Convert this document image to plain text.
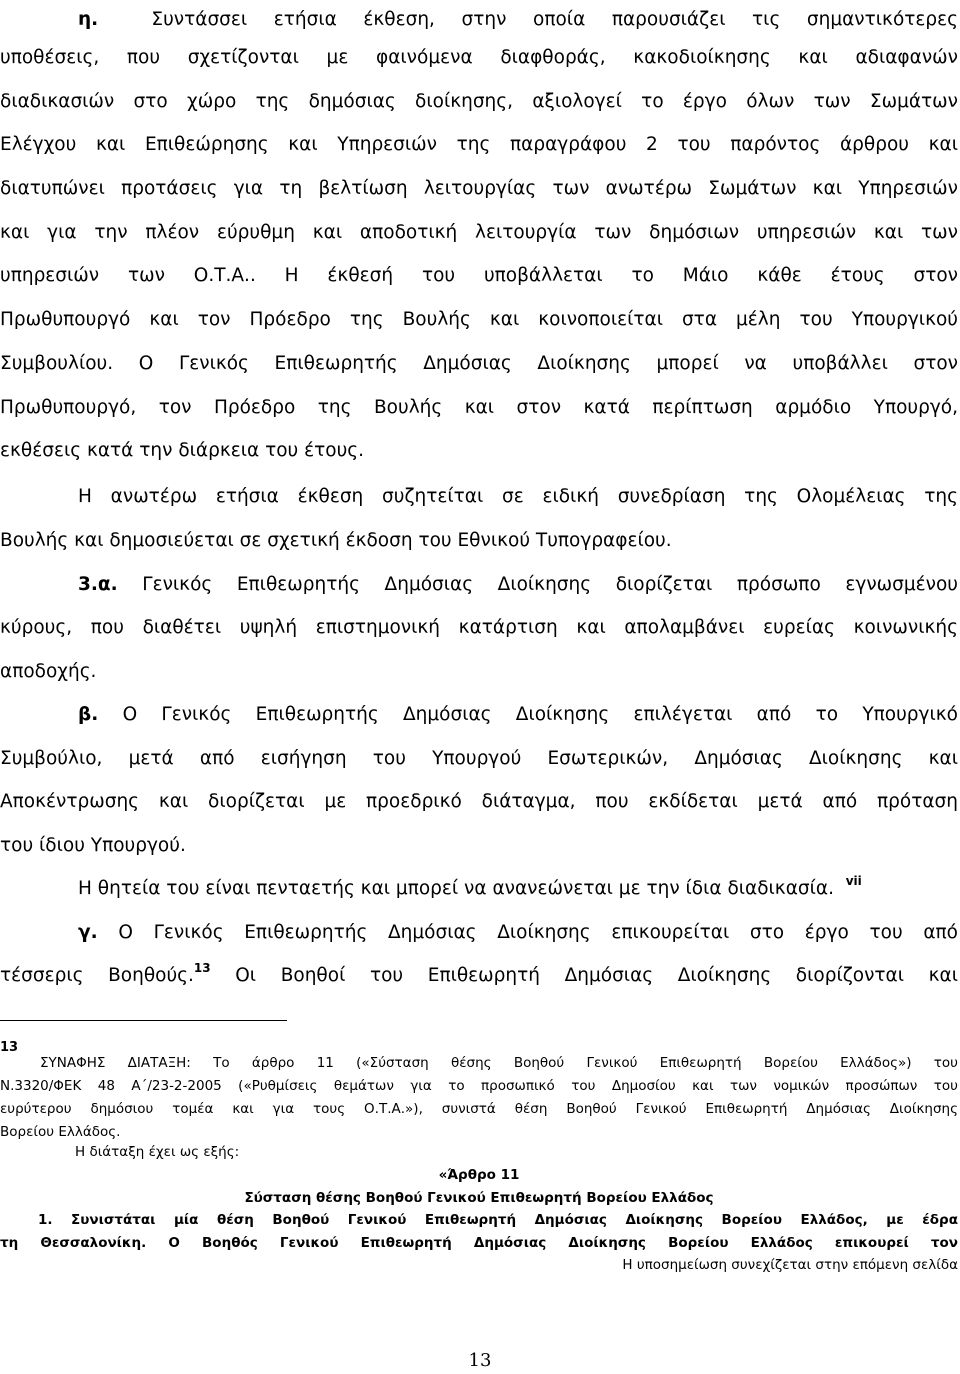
η.	Συντάσσει ετήσια έκθεση, στην οποία παρουσιάζει τις σημαντικότερες
υποθέσεις, που σχετίζονται με φαινόμενα διαφθοράς, κακοδιοίκησης και αδιαφανών
διαδικασιών στο χώρο της δημόσιας διοίκησης, αξιολογεί το έργο όλων των Σωμάτων
Ελέγχου και Επιθεώρησης και Υπηρεσιών της παραγράφου 2 του παρόντος άρθρου και
διατυπώνει προτάσεις για τη βελτίωση λειτουργίας των ανωτέρω Σωμάτων και Υπηρεσιών
και για την πλέον εύρυθμη και αποδοτική λειτουργία των δημόσιων υπηρεσιών και των
υπηρεσιών των Ο.Τ.Α.. Η έκθεσή του υποβάλλεται το Μάιο κάθε έτους στον
Πρωθυπουργό και τον Πρόεδρο της Βουλής και κοινοποιείται στα μέλη του Υπουργικού
Συμβουλίου. Ο Γενικός Επιθεωρητής Δημόσιας Διοίκησης μπορεί να υποβάλλει στον
Πρωθυπουργό, τον Πρόεδρο της Βουλής και στον κατά περίπτωση αρμόδιο Υπουργό,
εκθέσεις κατά την διάρκεια του έτους.
Η ανωτέρω ετήσια έκθεση συζητείται σε ειδική συνεδρίαση της Ολομέλειας της
Βουλής και δημοσιεύεται σε σχετική έκδοση του Εθνικού Τυπογραφείου.
3.α. Γενικός Επιθεωρητής Δημόσιας Διοίκησης διορίζεται πρόσωπο εγνωσμένου
κύρους, που διαθέτει υψηλή επιστημονική κατάρτιση και απολαμβάνει ευρείας κοινωνικής
αποδοχής.
β. Ο Γενικός Επιθεωρητής Δημόσιας Διοίκησης επιλέγεται από το Υπουργικό
Συμβούλιο, μετά από εισήγηση του Υπουργού Εσωτερικών, Δημόσιας Διοίκησης και
Αποκέντρωσης και διορίζεται με προεδρικό διάταγμα, που εκδίδεται μετά από πρόταση
του ίδιου Υπουργού.
Η θητεία του είναι πενταετής και μπορεί να ανανεώνεται με την ίδια διαδικασία. $^{vii}$
γ. Ο Γενικός Επιθεωρητής Δημόσιας Διοίκησης επικουρείται στο έργο του από
τέσσερις Βοηθούς.$^{13}$ Οι Βοηθοί του Επιθεωρητή Δημόσιας Διοίκησης διορίζονται και
13
ΣΥΝΑΦΗΣ ΔΙΑΤΑΞΗ: Το άρθρο 11 («Σύσταση θέσης Βοηθού Γενικού Επιθεωρητή Βορείου Ελλάδος») του
Ν.3320/ΦΕΚ 48 Α΄/23-2-2005 («Ρυθμίσεις θεμάτων για το προσωπικό του Δημοσίου και των νομικών προσώπων του
ευρύτερου δημόσιου τομέα και για τους Ο.Τ.Α.»), συνιστά θέση Βοηθού Γενικού Επιθεωρητή Δημόσιας Διοίκησης
Βορείου Ελλάδος.
Η διάταξη έχει ως εξής:
«Άρθρο 11
Σύσταση θέσης Βοηθού Γενικού Επιθεωρητή Βορείου Ελλάδος
1. Συνιστάται μία θέση Βοηθού Γενικού Επιθεωρητή Δημόσιας Διοίκησης Βορείου Ελλάδος, με έδρα
τη Θεσσαλονίκη. Ο Βοηθός Γενικού Επιθεωρητή Δημόσιας Διοίκησης Βορείου Ελλάδος επικουρεί τον
Η υποσημείωση συνεχίζεται στην επόμενη σελίδα
13
